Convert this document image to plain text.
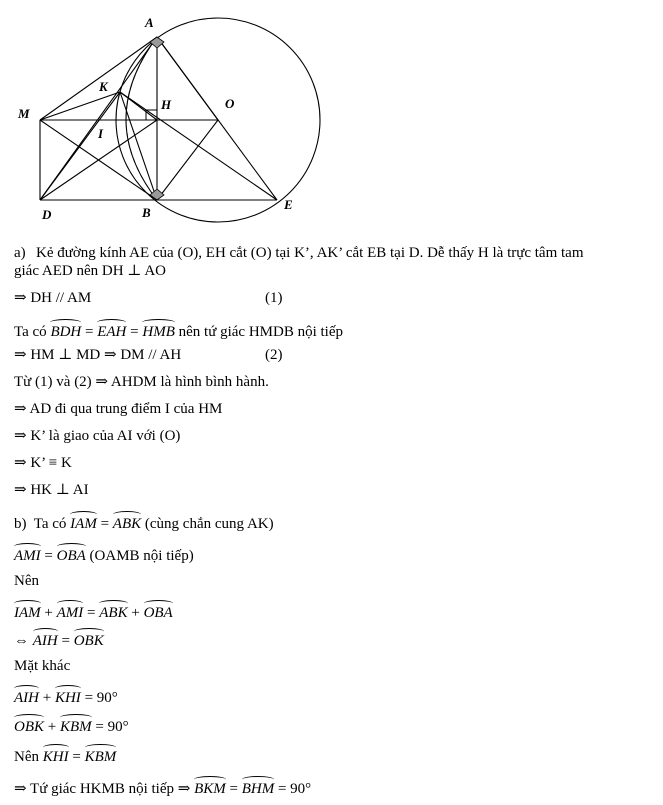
A
K
H	O
M
I
D	B
E
a) Kẻ đường kính AE của (O), EH cắt (O) tại K’, AK’ cắt EB tại D. Dễ thấy H là trực tâm tam
giác AED nên DH ⊥ AO
⇒ DH // AM	(1)
Ta có BDH = EAH = HMB nên tứ giác HMDB nội tiếp
⇒ HM ⊥ MD ⇒ DM // AH	(2)
Từ (1) và (2) ⇒ AHDM là hình bình hành.
⇒ AD đi qua trung điểm I của HM
⇒ K’ là giao của AI với (O)
⇒ K’ ≡ K
⇒ HK ⊥ AI
b) Ta có IAM = ABK (cùng chắn cung AK)
AMI = OBA (OAMB nội tiếp)
Nên
IAM + AMI = ABK + OBA
⇔ AIH = OBK
Mặt khác
AIH + KHI = 90°
OBK + KBM = 90°
Nên KHI = KBM
⇒ Tứ giác HKMB nội tiếp ⇒ BKM = BHM = 90°
